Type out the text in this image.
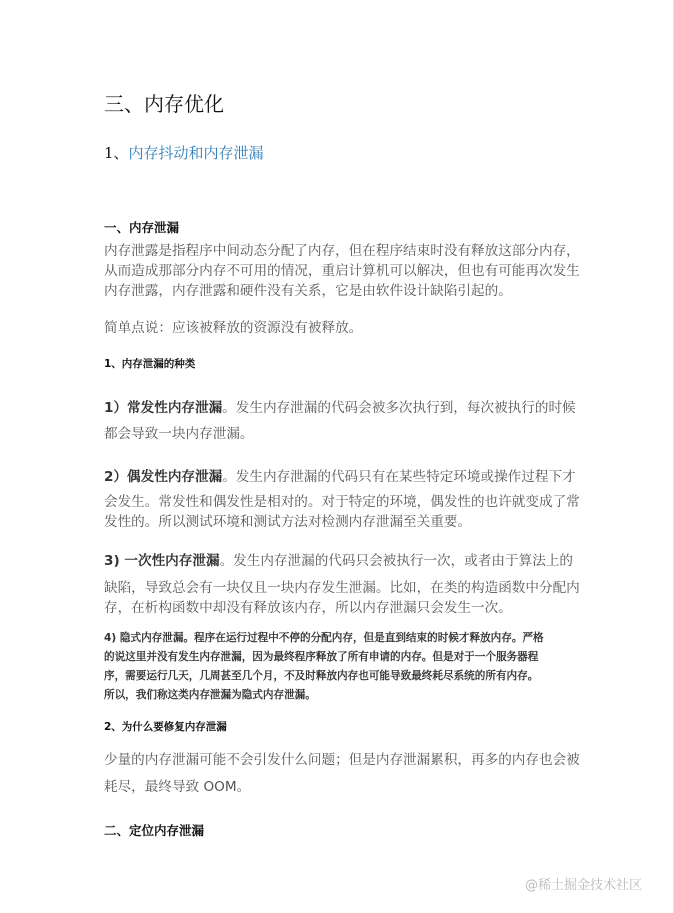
三、内存优化
1、内存抖动和内存泄漏
一、内存泄漏
内存泄露是指程序中间动态分配了内存，但在程序结束时没有释放这部分内存，
从而造成那部分内存不可用的情况，重启计算机可以解决，但也有可能再次发生
内存泄露，内存泄露和硬件没有关系，它是由软件设计缺陷引起的。
简单点说：应该被释放的资源没有被释放。
1、内存泄漏的种类
1）常发性内存泄漏。发生内存泄漏的代码会被多次执行到，每次被执行的时候
都会导致一块内存泄漏。
2）偶发性内存泄漏。发生内存泄漏的代码只有在某些特定环境或操作过程下才
会发生。常发性和偶发性是相对的。对于特定的环境，偶发性的也许就变成了常
发性的。所以测试环境和测试方法对检测内存泄漏至关重要。
3) 一次性内存泄漏。发生内存泄漏的代码只会被执行一次，或者由于算法上的
缺陷，导致总会有一块仅且一块内存发生泄漏。比如，在类的构造函数中分配内
存，在析构函数中却没有释放该内存，所以内存泄漏只会发生一次。
4) 隐式内存泄漏。程序在运行过程中不停的分配内存，但是直到结束的时候才释放内存。严格
的说这里并没有发生内存泄漏，因为最终程序释放了所有申请的内存。但是对于一个服务器程
序，需要运行几天，几周甚至几个月，不及时释放内存也可能导致最终耗尽系统的所有内存。
所以，我们称这类内存泄漏为隐式内存泄漏。
2、为什么要修复内存泄漏
少量的内存泄漏可能不会引发什么问题；但是内存泄漏累积，再多的内存也会被
耗尽，最终导致 OOM。
二、定位内存泄漏
@稀土掘金技术社区
